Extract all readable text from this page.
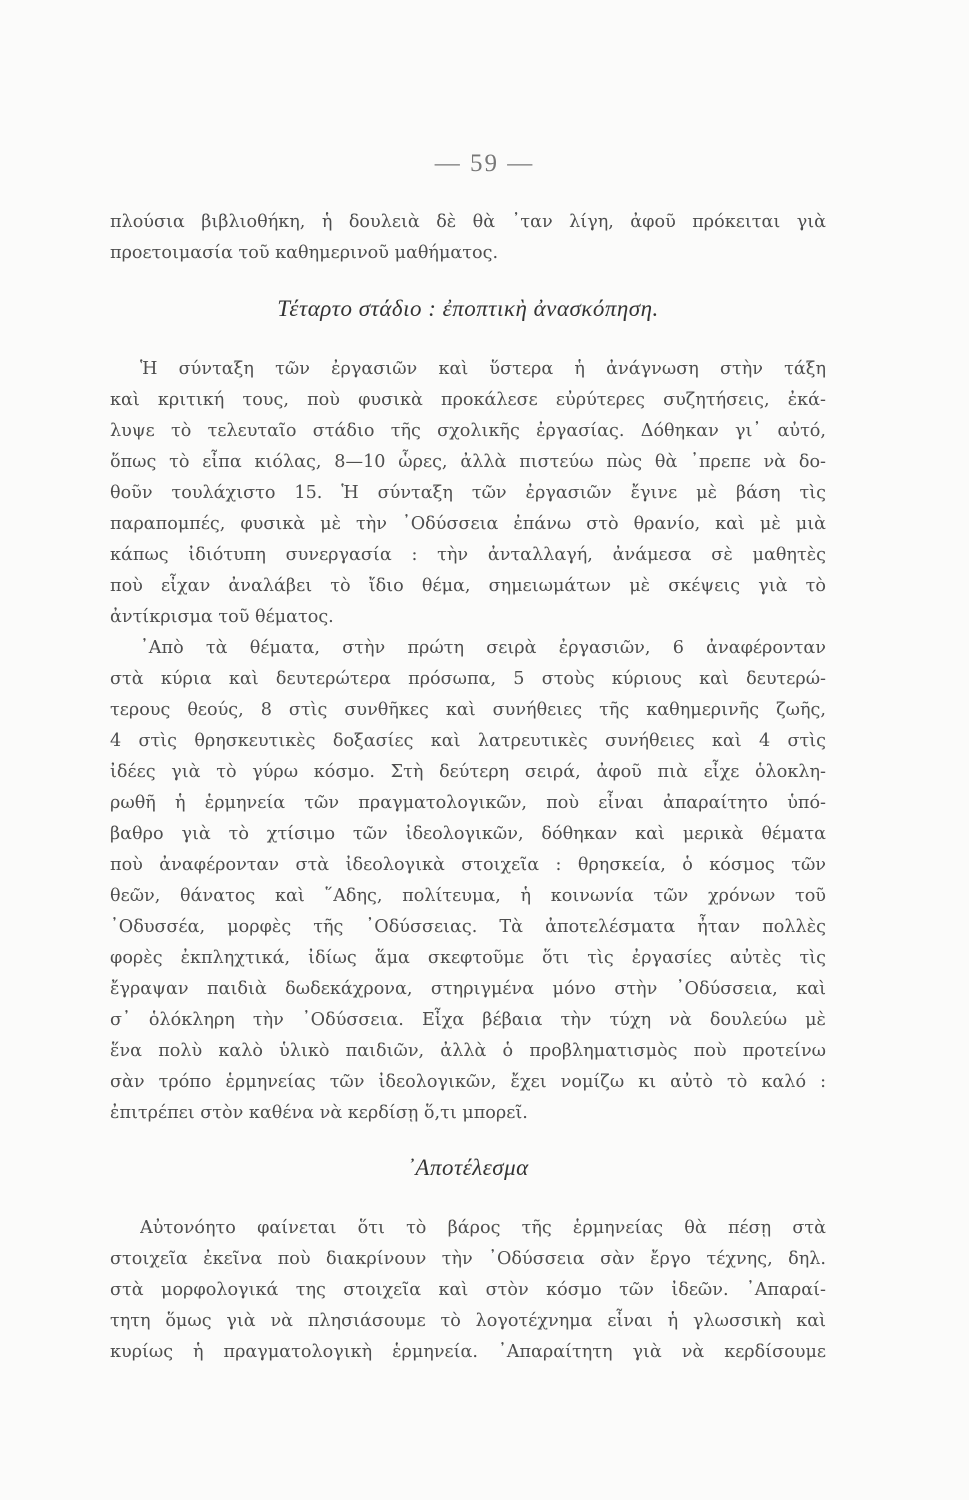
— 59 —
πλούσια βιβλιοθήκη, ἡ δουλειὰ δὲ θὰ ᾿ταν λίγη, ἀφοῦ πρόκειται γιὰ
προετοιμασία τοῦ καθημερινοῦ μαθήματος.
Τέταρτο στάδιο : ἐποπτικὴ ἀνασκόπηση.
Ἡ σύνταξη τῶν ἐργασιῶν καὶ ὕστερα ἡ ἀνάγνωση στὴν τάξη
καὶ κριτική τους, ποὺ φυσικὰ προκάλεσε εὐρύτερες συζητήσεις, ἐκά-
λυψε τὸ τελευταῖο στάδιο τῆς σχολικῆς ἐργασίας. Δόθηκαν γι᾿ αὐτό,
ὅπως τὸ εἶπα κιόλας, 8—10 ὧρες, ἀλλὰ πιστεύω πὼς θὰ ᾿πρεπε νὰ δο-
θοῦν τουλάχιστο 15. Ἡ σύνταξη τῶν ἐργασιῶν ἔγινε μὲ βάση τὶς
παραπομπές, φυσικὰ μὲ τὴν ᾿Οδύσσεια ἐπάνω στὸ θρανίο, καὶ μὲ μιὰ
κάπως ἰδιότυπη συνεργασία : τὴν ἀνταλλαγή, ἀνάμεσα σὲ μαθητὲς
ποὺ εἶχαν ἀναλάβει τὸ ἴδιο θέμα, σημειωμάτων μὲ σκέψεις γιὰ τὸ
ἀντίκρισμα τοῦ θέματος.
᾿Απὸ τὰ θέματα, στὴν πρώτη σειρὰ ἐργασιῶν, 6 ἀναφέρονταν
στὰ κύρια καὶ δευτερώτερα πρόσωπα, 5 στοὺς κύριους καὶ δευτερώ-
τερους θεούς, 8 στὶς συνθῆκες καὶ συνήθειες τῆς καθημερινῆς ζωῆς,
4 στὶς θρησκευτικὲς δοξασίες καὶ λατρευτικὲς συνήθειες καὶ 4 στὶς
ἰδέες γιὰ τὸ γύρω κόσμο. Στὴ δεύτερη σειρά, ἀφοῦ πιὰ εἶχε ὁλοκλη-
ρωθῆ ἡ ἑρμηνεία τῶν πραγματολογικῶν, ποὺ εἶναι ἀπαραίτητο ὑπό-
βαθρο γιὰ τὸ χτίσιμο τῶν ἰδεολογικῶν, δόθηκαν καὶ μερικὰ θέματα
ποὺ ἀναφέρονταν στὰ ἰδεολογικὰ στοιχεῖα : θρησκεία, ὁ κόσμος τῶν
θεῶν, θάνατος καὶ ῞Αδης, πολίτευμα, ἡ κοινωνία τῶν χρόνων τοῦ
᾿Οδυσσέα, μορφὲς τῆς ᾿Οδύσσειας. Τὰ ἀποτελέσματα ἦταν πολλὲς
φορὲς ἐκπληχτικά, ἰδίως ἅμα σκεφτοῦμε ὅτι τὶς ἐργασίες αὐτὲς τὶς
ἔγραψαν παιδιὰ δωδεκάχρονα, στηριγμένα μόνο στὴν ᾿Οδύσσεια, καὶ
σ᾿ ὁλόκληρη τὴν ᾿Οδύσσεια. Εἶχα βέβαια τὴν τύχη νὰ δουλεύω μὲ
ἕνα πολὺ καλὸ ὑλικὸ παιδιῶν, ἀλλὰ ὁ προβληματισμὸς ποὺ προτείνω
σὰν τρόπο ἑρμηνείας τῶν ἰδεολογικῶν, ἔχει νομίζω κι αὐτὸ τὸ καλό :
ἐπιτρέπει στὸν καθένα νὰ κερδίσῃ ὅ,τι μπορεῖ.
᾿Αποτέλεσμα
Αὐτονόητο φαίνεται ὅτι τὸ βάρος τῆς ἑρμηνείας θὰ πέσῃ στὰ
στοιχεῖα ἐκεῖνα ποὺ διακρίνουν τὴν ᾿Οδύσσεια σὰν ἔργο τέχνης, δηλ.
στὰ μορφολογικά της στοιχεῖα καὶ στὸν κόσμο τῶν ἰδεῶν. ᾿Απαραί-
τητη ὅμως γιὰ νὰ πλησιάσουμε τὸ λογοτέχνημα εἶναι ἡ γλωσσικὴ καὶ
κυρίως ἡ πραγματολογικὴ ἑρμηνεία. ᾿Απαραίτητη γιὰ νὰ κερδίσουμε
